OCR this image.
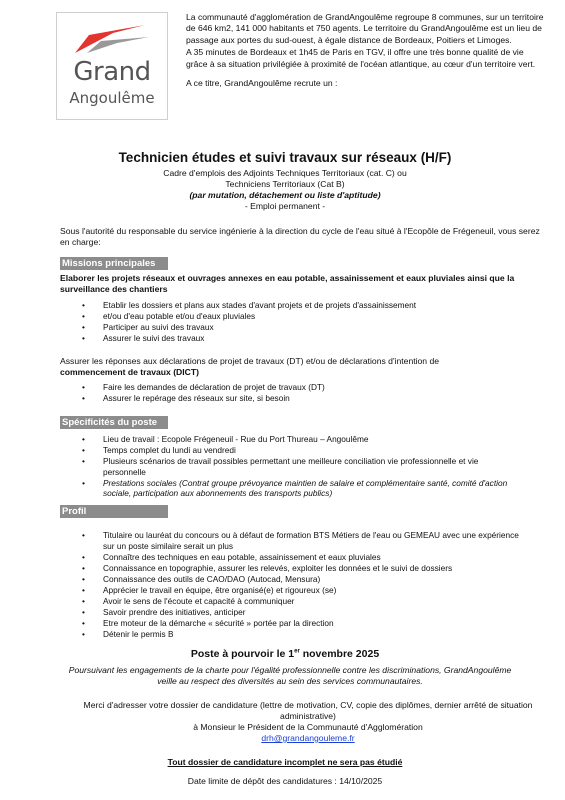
Grand
Angoulême

La communauté d'agglomération de GrandAngoulême regroupe 8 communes, sur un territoire de 646 km2, 141 000 habitants et 750 agents. Le territoire du GrandAngoulême est un lieu de passage aux portes du sud-ouest, à égale distance de Bordeaux, Poitiers et Limoges.

A 35 minutes de Bordeaux et 1h45 de Paris en TGV, il offre une très bonne qualité de vie grâce à sa situation privilégiée à proximité de l'océan atlantique, au cœur d'un territoire vert.

A ce titre, GrandAngoulême recrute un :

Technicien études et suivi travaux sur réseaux (H/F)
Cadre d'emplois des Adjoints Techniques Territoriaux (cat. C) ou
Techniciens Territoriaux (Cat B)
(par mutation, détachement ou liste d'aptitude)
- Emploi permanent -
Sous l'autorité du responsable du service ingénierie à la direction du cycle de l'eau situé à l'Ecopôle de Frégeneuil, vous serez en charge:
Missions principales
Elaborer les projets réseaux et ouvrages annexes en eau potable, assainissement et eaux pluviales ainsi que la surveillance des chantiers
• Etablir les dossiers et plans aux stades d'avant projets et de projets d'assainissement
• et/ou d'eau potable et/ou d'eaux pluviales
• Participer au suivi des travaux
• Assurer le suivi des travaux
Assurer les réponses aux déclarations de projet de travaux (DT) et/ou de déclarations d'intention de
commencement de travaux (DICT)
• Faire les demandes de déclaration de projet de travaux (DT)
• Assurer le repérage des réseaux sur site, si besoin
Spécificités du poste
• Lieu de travail : Ecopole Frégeneuil - Rue du Port Thureau – Angoulême
• Temps complet du lundi au vendredi
• Plusieurs scénarios de travail possibles permettant une meilleure conciliation vie professionnelle et vie personnelle
• Prestations sociales (Contrat groupe prévoyance maintien de salaire et complémentaire santé, comité d'action sociale, participation aux abonnements des transports publics)
Profil
• Titulaire ou lauréat du concours ou à défaut de formation BTS Métiers de l'eau ou GEMEAU avec une expérience sur un poste similaire serait un plus
• Connaître des techniques en eau potable, assainissement et eaux pluviales
• Connaissance en topographie, assurer les relevés, exploiter les données et le suivi de dossiers
• Connaissance des outils de CAO/DAO (Autocad, Mensura)
• Apprécier le travail en équipe, être organisé(e) et rigoureux (se)
• Avoir le sens de l'écoute et capacité à communiquer
• Savoir prendre des initiatives, anticiper
• Etre moteur de la démarche « sécurité » portée par la direction
• Détenir le permis B
Poste à pourvoir le 1er novembre 2025
Poursuivant les engagements de la charte pour l'égalité professionnelle contre les discriminations, GrandAngoulême veille au respect des diversités au sein des services communautaires.
Merci d'adresser votre dossier de candidature (lettre de motivation, CV, copie des diplômes, dernier arrêté de situation administrative)
à Monsieur le Président de la Communauté d'Agglomération
drh@grandangouleme.fr
Tout dossier de candidature incomplet ne sera pas étudié
Date limite de dépôt des candidatures : 14/10/2025
